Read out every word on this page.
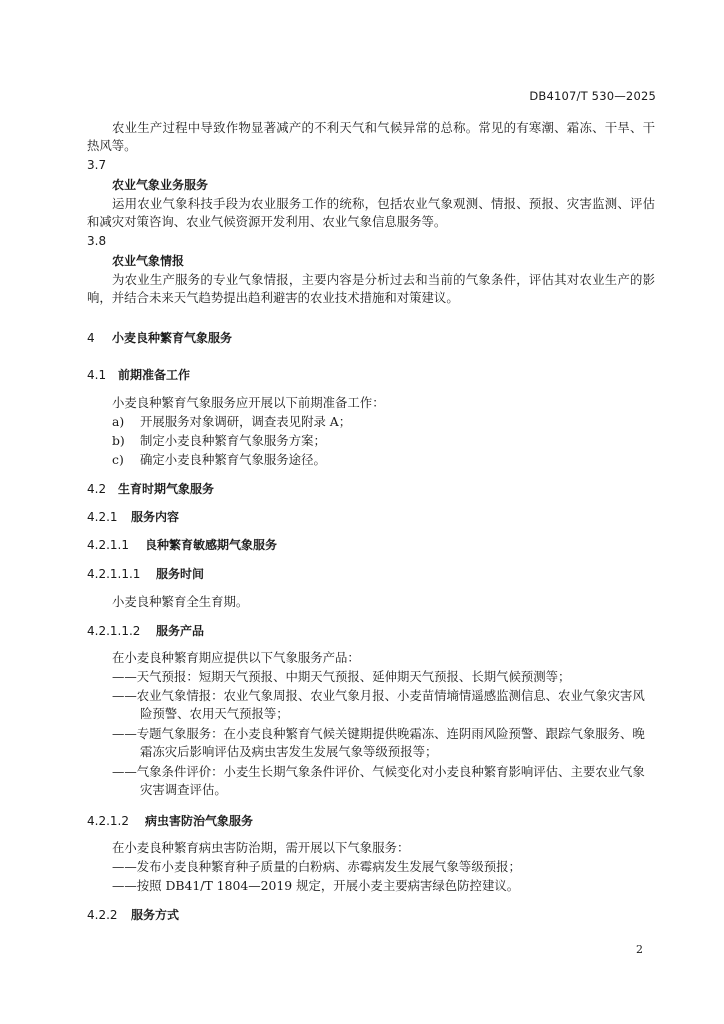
DB4107/T 530—2025
农业生产过程中导致作物显著减产的不利天气和气候异常的总称。常见的有寒潮、霜冻、干旱、干热风等。
3.7
农业气象业务服务
运用农业气象科技手段为农业服务工作的统称，包括农业气象观测、情报、预报、灾害监测、评估和减灾对策咨询、农业气候资源开发利用、农业气象信息服务等。
3.8
农业气象情报
为农业生产服务的专业气象情报，主要内容是分析过去和当前的气象条件，评估其对农业生产的影响，并结合未来天气趋势提出趋利避害的农业技术措施和对策建议。
4 小麦良种繁育气象服务
4.1 前期准备工作
小麦良种繁育气象服务应开展以下前期准备工作：
a) 开展服务对象调研，调查表见附录 A；
b) 制定小麦良种繁育气象服务方案；
c) 确定小麦良种繁育气象服务途径。
4.2 生育时期气象服务
4.2.1 服务内容
4.2.1.1 良种繁育敏感期气象服务
4.2.1.1.1 服务时间
小麦良种繁育全生育期。
4.2.1.1.2 服务产品
在小麦良种繁育期应提供以下气象服务产品：
——天气预报：短期天气预报、中期天气预报、延伸期天气预报、长期气候预测等；
——农业气象情报：农业气象周报、农业气象月报、小麦苗情墒情遥感监测信息、农业气象灾害风险预警、农用天气预报等；
——专题气象服务：在小麦良种繁育气候关键期提供晚霜冻、连阴雨风险预警、跟踪气象服务、晚霜冻灾后影响评估及病虫害发生发展气象等级预报等；
——气象条件评价：小麦生长期气象条件评价、气候变化对小麦良种繁育影响评估、主要农业气象灾害调查评估。
4.2.1.2 病虫害防治气象服务
在小麦良种繁育病虫害防治期，需开展以下气象服务：
——发布小麦良种繁育种子质量的白粉病、赤霉病发生发展气象等级预报；
——按照 DB41/T 1804—2019 规定，开展小麦主要病害绿色防控建议。
4.2.2 服务方式
2
